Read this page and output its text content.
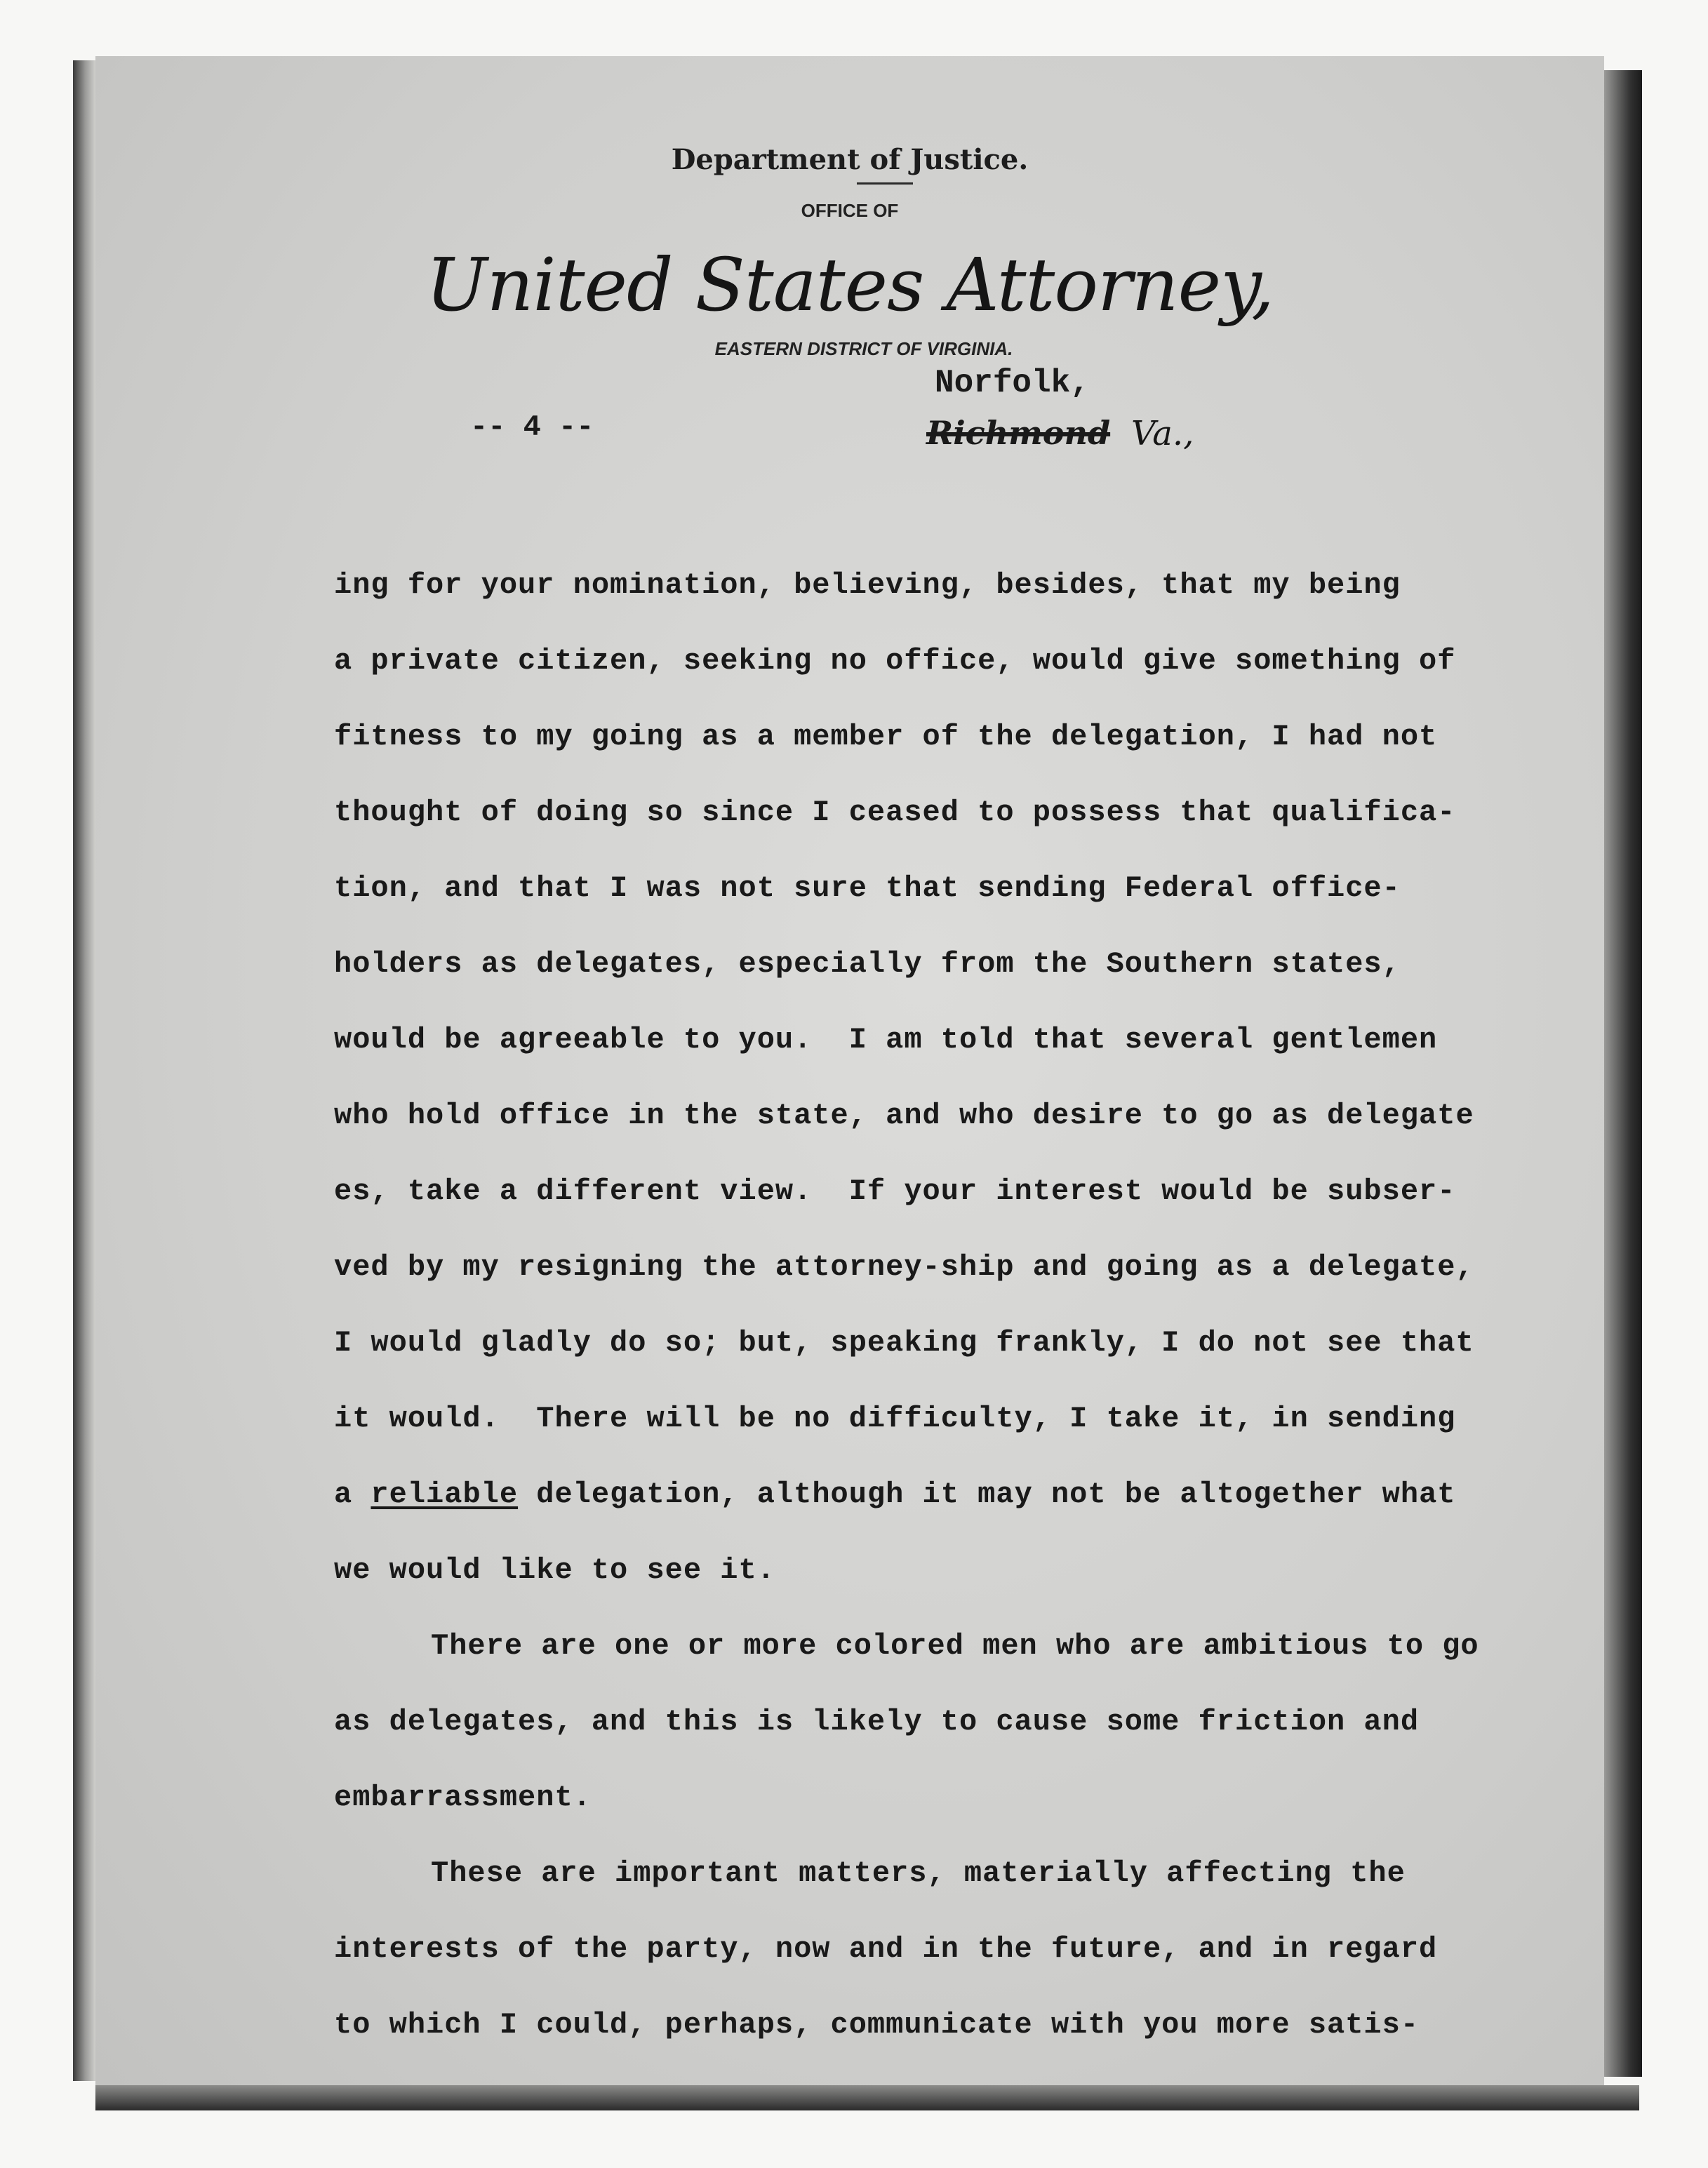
Department of Justice.
OFFICE OF
United States Attorney,
EASTERN DISTRICT OF VIRGINIA.
Norfolk,
Richmond Va.,
-- 4 --
ing for your nomination, believing, besides, that my being
a private citizen, seeking no office, would give something of
fitness to my going as a member of the delegation, I had not
thought of doing so since I ceased to possess that qualifica-
tion, and that I was not sure that sending Federal office-
holders as delegates, especially from the Southern states,
would be agreeable to you.  I am told that several gentlemen
who hold office in the state, and who desire to go as delegate
es, take a different view.  If your interest would be subser-
ved by my resigning the attorney-ship and going as a delegate,
I would gladly do so; but, speaking frankly, I do not see that
it would.  There will be no difficulty, I take it, in sending
a reliable delegation, although it may not be altogether what
we would like to see it.
There are one or more colored men who are ambitious to go
as delegates, and this is likely to cause some friction and
embarrassment.
These are important matters, materially affecting the
interests of the party, now and in the future, and in regard
to which I could, perhaps, communicate with you more satis-
